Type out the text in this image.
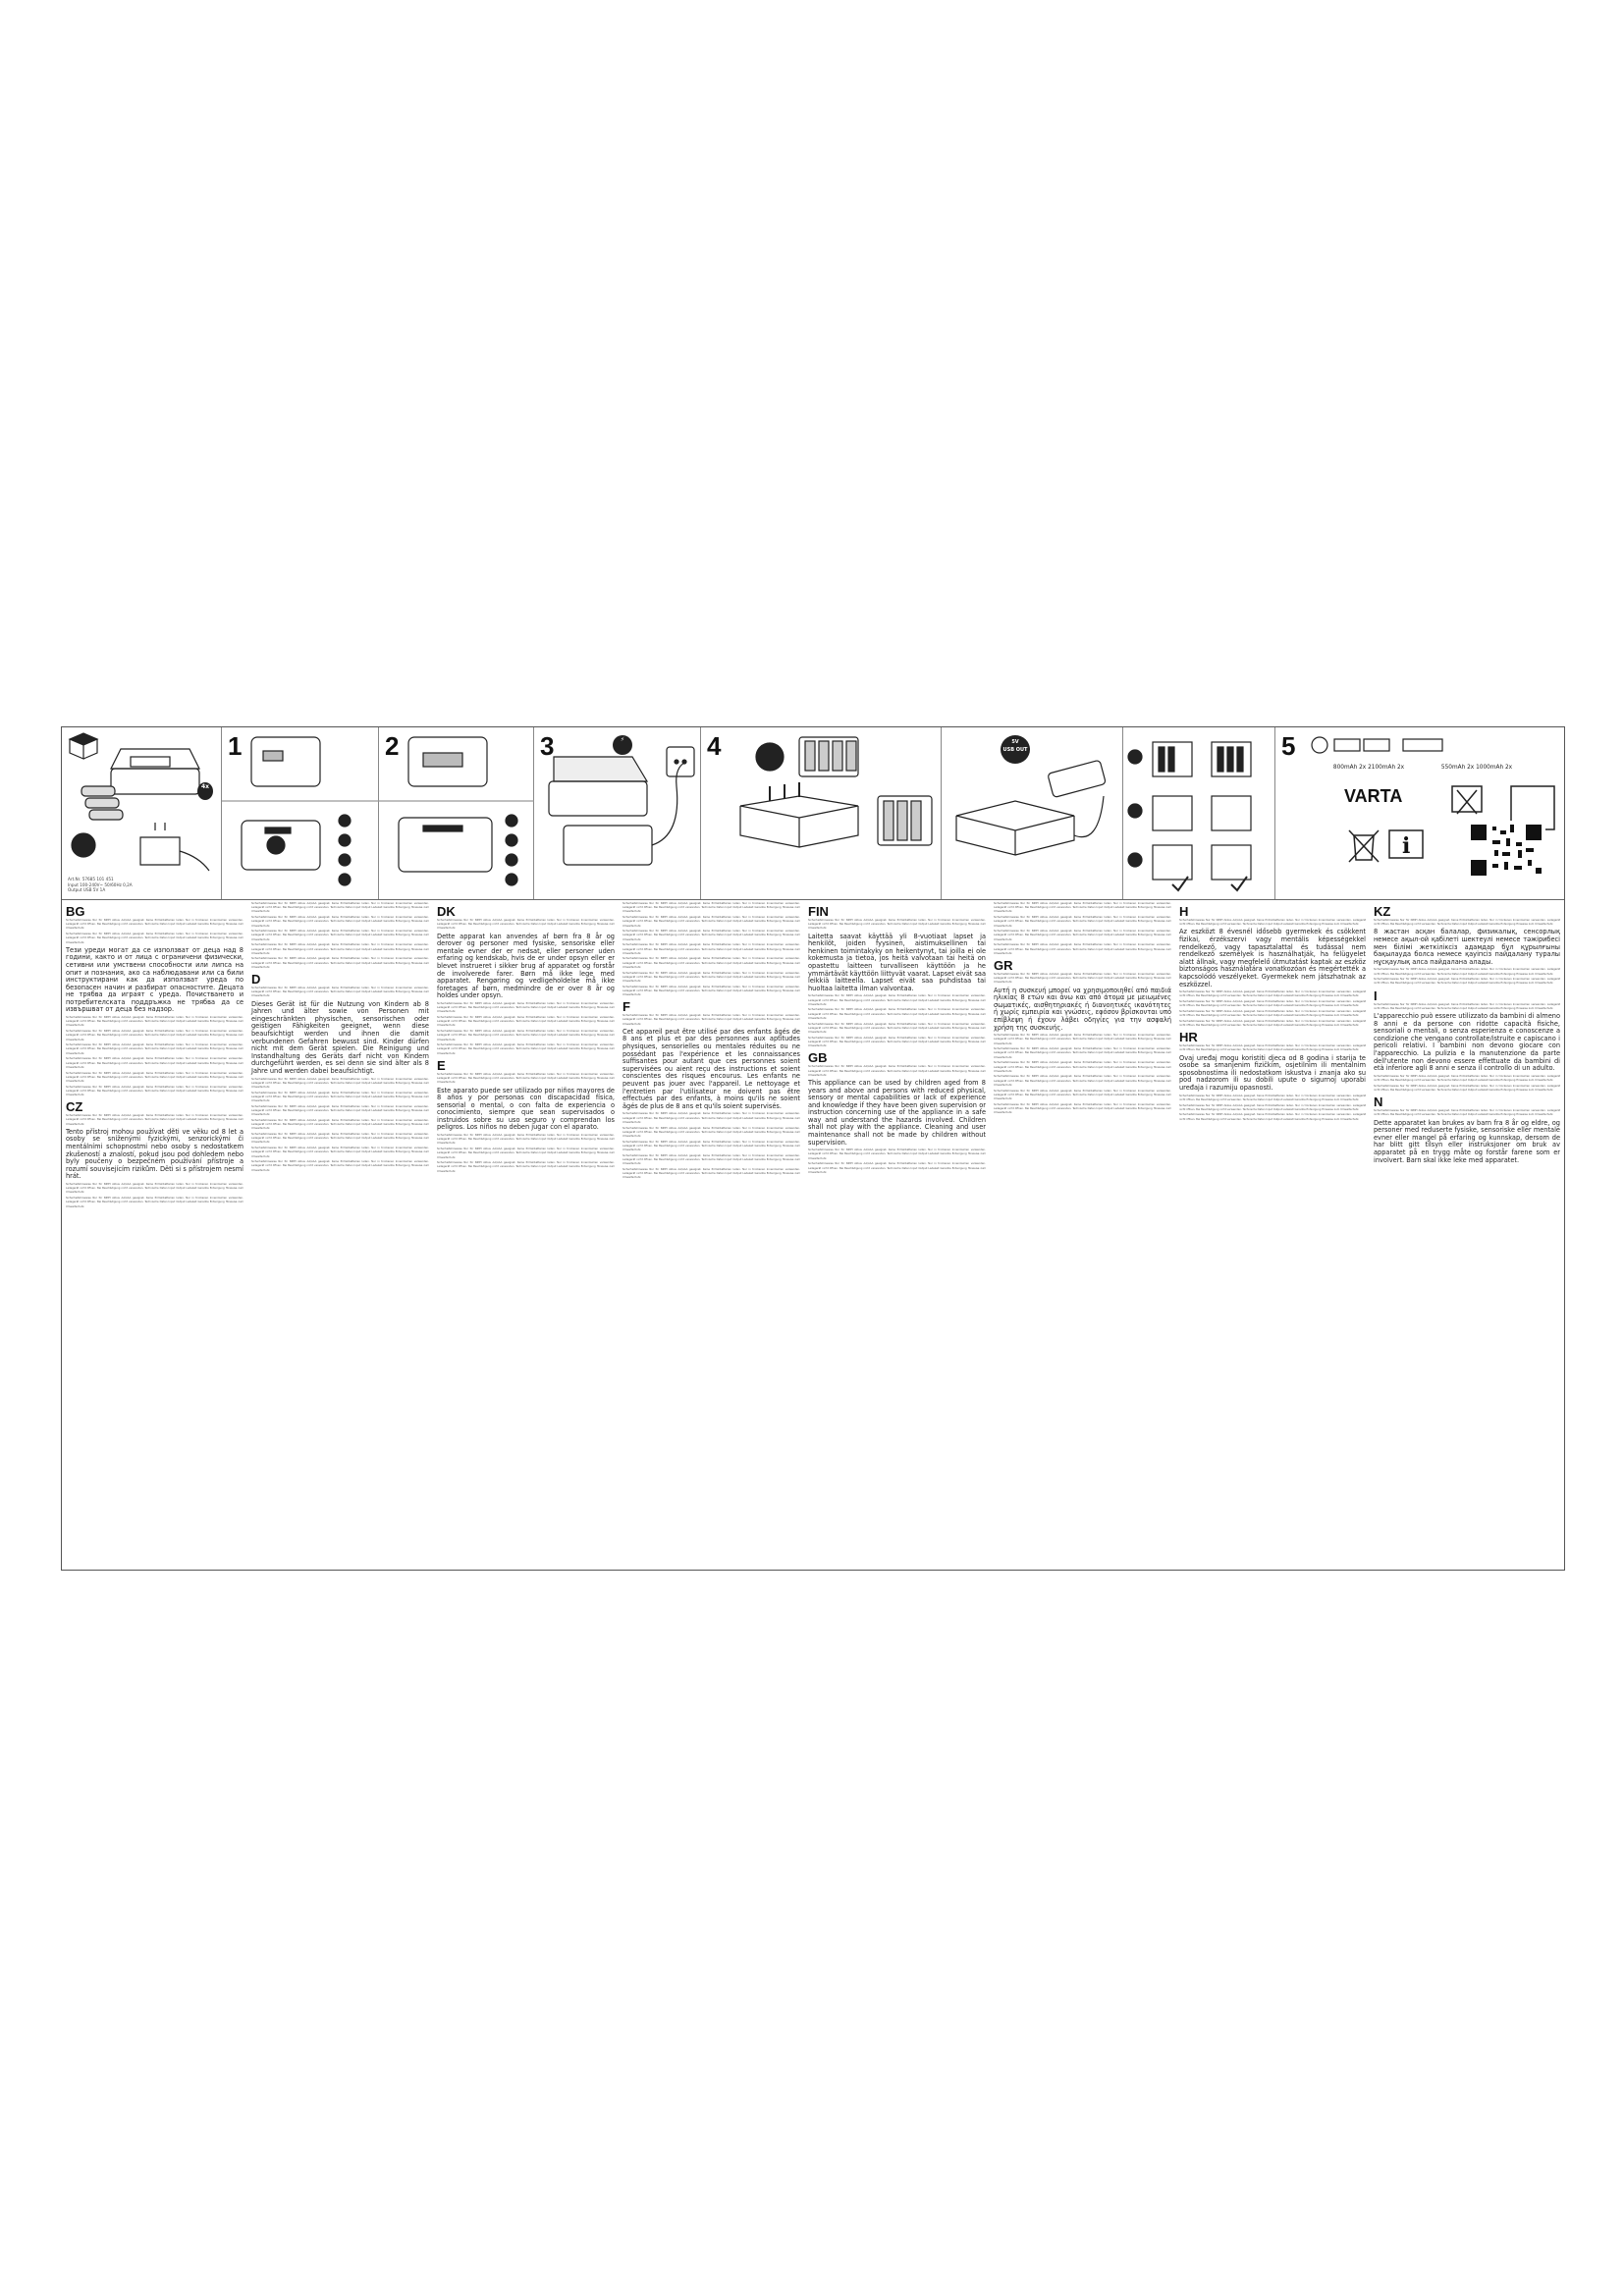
4x
Art.Nr. 57685 101 451
Input 100-240V~ 50/60Hz 0,2A
Output USB 5V 1A
1	2	3	⚡	4	5V
USB OUT	5
800mAh 2x 2100mAh 2x	550mAh 2x 1000mAh 2x
VARTA
i
BG

Sicherheitshinweise Nur für NiMH Akkus AA/AAA geeignet. Keine Primärbatterien laden. Nur in trockenen Innenräumen verwenden. Ladegerät nicht öffnen. Bei Beschädigung nicht verwenden. Technische Daten Input Output Ladezeit Garantie Entsorgung Hinweise zum Umweltschutz.

Sicherheitshinweise Nur für NiMH Akkus AA/AAA geeignet. Keine Primärbatterien laden. Nur in trockenen Innenräumen verwenden. Ladegerät nicht öffnen. Bei Beschädigung nicht verwenden. Technische Daten Input Output Ladezeit Garantie Entsorgung Hinweise zum Umweltschutz.

Тези уреди могат да се използват от деца над 8 години, както и от лица с ограничени физически, сетивни или умствени способности или липса на опит и познания, ако са наблюдавани или са били инструктирани как да използват уреда по безопасен начин и разбират опасностите. Децата не трябва да играят с уреда. Почистването и потребителската поддръжка не трябва да се извършват от деца без надзор.

Sicherheitshinweise Nur für NiMH Akkus AA/AAA geeignet. Keine Primärbatterien laden. Nur in trockenen Innenräumen verwenden. Ladegerät nicht öffnen. Bei Beschädigung nicht verwenden. Technische Daten Input Output Ladezeit Garantie Entsorgung Hinweise zum Umweltschutz.

Sicherheitshinweise Nur für NiMH Akkus AA/AAA geeignet. Keine Primärbatterien laden. Nur in trockenen Innenräumen verwenden. Ladegerät nicht öffnen. Bei Beschädigung nicht verwenden. Technische Daten Input Output Ladezeit Garantie Entsorgung Hinweise zum Umweltschutz.

Sicherheitshinweise Nur für NiMH Akkus AA/AAA geeignet. Keine Primärbatterien laden. Nur in trockenen Innenräumen verwenden. Ladegerät nicht öffnen. Bei Beschädigung nicht verwenden. Technische Daten Input Output Ladezeit Garantie Entsorgung Hinweise zum Umweltschutz.

Sicherheitshinweise Nur für NiMH Akkus AA/AAA geeignet. Keine Primärbatterien laden. Nur in trockenen Innenräumen verwenden. Ladegerät nicht öffnen. Bei Beschädigung nicht verwenden. Technische Daten Input Output Ladezeit Garantie Entsorgung Hinweise zum Umweltschutz.

Sicherheitshinweise Nur für NiMH Akkus AA/AAA geeignet. Keine Primärbatterien laden. Nur in trockenen Innenräumen verwenden. Ladegerät nicht öffnen. Bei Beschädigung nicht verwenden. Technische Daten Input Output Ladezeit Garantie Entsorgung Hinweise zum Umweltschutz.

Sicherheitshinweise Nur für NiMH Akkus AA/AAA geeignet. Keine Primärbatterien laden. Nur in trockenen Innenräumen verwenden. Ladegerät nicht öffnen. Bei Beschädigung nicht verwenden. Technische Daten Input Output Ladezeit Garantie Entsorgung Hinweise zum Umweltschutz.

CZ

Sicherheitshinweise Nur für NiMH Akkus AA/AAA geeignet. Keine Primärbatterien laden. Nur in trockenen Innenräumen verwenden. Ladegerät nicht öffnen. Bei Beschädigung nicht verwenden. Technische Daten Input Output Ladezeit Garantie Entsorgung Hinweise zum Umweltschutz.

Tento přístroj mohou používat děti ve věku od 8 let a osoby se sníženými fyzickými, senzorickými či mentálními schopnostmi nebo osoby s nedostatkem zkušeností a znalostí, pokud jsou pod dohledem nebo byly poučeny o bezpečném používání přístroje a rozumí souvisejícím rizikům. Děti si s přístrojem nesmí hrát.

Sicherheitshinweise Nur für NiMH Akkus AA/AAA geeignet. Keine Primärbatterien laden. Nur in trockenen Innenräumen verwenden. Ladegerät nicht öffnen. Bei Beschädigung nicht verwenden. Technische Daten Input Output Ladezeit Garantie Entsorgung Hinweise zum Umweltschutz.

Sicherheitshinweise Nur für NiMH Akkus AA/AAA geeignet. Keine Primärbatterien laden. Nur in trockenen Innenräumen verwenden. Ladegerät nicht öffnen. Bei Beschädigung nicht verwenden. Technische Daten Input Output Ladezeit Garantie Entsorgung Hinweise zum Umweltschutz.

Sicherheitshinweise Nur für NiMH Akkus AA/AAA geeignet. Keine Primärbatterien laden. Nur in trockenen Innenräumen verwenden. Ladegerät nicht öffnen. Bei Beschädigung nicht verwenden. Technische Daten Input Output Ladezeit Garantie Entsorgung Hinweise zum Umweltschutz.

Sicherheitshinweise Nur für NiMH Akkus AA/AAA geeignet. Keine Primärbatterien laden. Nur in trockenen Innenräumen verwenden. Ladegerät nicht öffnen. Bei Beschädigung nicht verwenden. Technische Daten Input Output Ladezeit Garantie Entsorgung Hinweise zum Umweltschutz.

Sicherheitshinweise Nur für NiMH Akkus AA/AAA geeignet. Keine Primärbatterien laden. Nur in trockenen Innenräumen verwenden. Ladegerät nicht öffnen. Bei Beschädigung nicht verwenden. Technische Daten Input Output Ladezeit Garantie Entsorgung Hinweise zum Umweltschutz.

Sicherheitshinweise Nur für NiMH Akkus AA/AAA geeignet. Keine Primärbatterien laden. Nur in trockenen Innenräumen verwenden. Ladegerät nicht öffnen. Bei Beschädigung nicht verwenden. Technische Daten Input Output Ladezeit Garantie Entsorgung Hinweise zum Umweltschutz.

Sicherheitshinweise Nur für NiMH Akkus AA/AAA geeignet. Keine Primärbatterien laden. Nur in trockenen Innenräumen verwenden. Ladegerät nicht öffnen. Bei Beschädigung nicht verwenden. Technische Daten Input Output Ladezeit Garantie Entsorgung Hinweise zum Umweltschutz.

D

Sicherheitshinweise Nur für NiMH Akkus AA/AAA geeignet. Keine Primärbatterien laden. Nur in trockenen Innenräumen verwenden. Ladegerät nicht öffnen. Bei Beschädigung nicht verwenden. Technische Daten Input Output Ladezeit Garantie Entsorgung Hinweise zum Umweltschutz.

Dieses Gerät ist für die Nutzung von Kindern ab 8 Jahren und älter sowie von Personen mit eingeschränkten physischen, sensorischen oder geistigen Fähigkeiten geeignet, wenn diese beaufsichtigt werden und ihnen die damit verbundenen Gefahren bewusst sind. Kinder dürfen nicht mit dem Gerät spielen. Die Reinigung und Instandhaltung des Geräts darf nicht von Kindern durchgeführt werden, es sei denn sie sind älter als 8 Jahre und werden dabei beaufsichtigt.

Sicherheitshinweise Nur für NiMH Akkus AA/AAA geeignet. Keine Primärbatterien laden. Nur in trockenen Innenräumen verwenden. Ladegerät nicht öffnen. Bei Beschädigung nicht verwenden. Technische Daten Input Output Ladezeit Garantie Entsorgung Hinweise zum Umweltschutz.

Sicherheitshinweise Nur für NiMH Akkus AA/AAA geeignet. Keine Primärbatterien laden. Nur in trockenen Innenräumen verwenden. Ladegerät nicht öffnen. Bei Beschädigung nicht verwenden. Technische Daten Input Output Ladezeit Garantie Entsorgung Hinweise zum Umweltschutz.

Sicherheitshinweise Nur für NiMH Akkus AA/AAA geeignet. Keine Primärbatterien laden. Nur in trockenen Innenräumen verwenden. Ladegerät nicht öffnen. Bei Beschädigung nicht verwenden. Technische Daten Input Output Ladezeit Garantie Entsorgung Hinweise zum Umweltschutz.

Sicherheitshinweise Nur für NiMH Akkus AA/AAA geeignet. Keine Primärbatterien laden. Nur in trockenen Innenräumen verwenden. Ladegerät nicht öffnen. Bei Beschädigung nicht verwenden. Technische Daten Input Output Ladezeit Garantie Entsorgung Hinweise zum Umweltschutz.

Sicherheitshinweise Nur für NiMH Akkus AA/AAA geeignet. Keine Primärbatterien laden. Nur in trockenen Innenräumen verwenden. Ladegerät nicht öffnen. Bei Beschädigung nicht verwenden. Technische Daten Input Output Ladezeit Garantie Entsorgung Hinweise zum Umweltschutz.

Sicherheitshinweise Nur für NiMH Akkus AA/AAA geeignet. Keine Primärbatterien laden. Nur in trockenen Innenräumen verwenden. Ladegerät nicht öffnen. Bei Beschädigung nicht verwenden. Technische Daten Input Output Ladezeit Garantie Entsorgung Hinweise zum Umweltschutz.

Sicherheitshinweise Nur für NiMH Akkus AA/AAA geeignet. Keine Primärbatterien laden. Nur in trockenen Innenräumen verwenden. Ladegerät nicht öffnen. Bei Beschädigung nicht verwenden. Technische Daten Input Output Ladezeit Garantie Entsorgung Hinweise zum Umweltschutz.

DK

Sicherheitshinweise Nur für NiMH Akkus AA/AAA geeignet. Keine Primärbatterien laden. Nur in trockenen Innenräumen verwenden. Ladegerät nicht öffnen. Bei Beschädigung nicht verwenden. Technische Daten Input Output Ladezeit Garantie Entsorgung Hinweise zum Umweltschutz.

Dette apparat kan anvendes af børn fra 8 år og derover og personer med fysiske, sensoriske eller mentale evner der er nedsat, eller personer uden erfaring og kendskab, hvis de er under opsyn eller er blevet instrueret i sikker brug af apparatet og forstår de involverede farer. Børn må ikke lege med apparatet. Rengøring og vedligeholdelse må ikke foretages af børn, medmindre de er over 8 år og holdes under opsyn.

Sicherheitshinweise Nur für NiMH Akkus AA/AAA geeignet. Keine Primärbatterien laden. Nur in trockenen Innenräumen verwenden. Ladegerät nicht öffnen. Bei Beschädigung nicht verwenden. Technische Daten Input Output Ladezeit Garantie Entsorgung Hinweise zum Umweltschutz.

Sicherheitshinweise Nur für NiMH Akkus AA/AAA geeignet. Keine Primärbatterien laden. Nur in trockenen Innenräumen verwenden. Ladegerät nicht öffnen. Bei Beschädigung nicht verwenden. Technische Daten Input Output Ladezeit Garantie Entsorgung Hinweise zum Umweltschutz.

Sicherheitshinweise Nur für NiMH Akkus AA/AAA geeignet. Keine Primärbatterien laden. Nur in trockenen Innenräumen verwenden. Ladegerät nicht öffnen. Bei Beschädigung nicht verwenden. Technische Daten Input Output Ladezeit Garantie Entsorgung Hinweise zum Umweltschutz.

Sicherheitshinweise Nur für NiMH Akkus AA/AAA geeignet. Keine Primärbatterien laden. Nur in trockenen Innenräumen verwenden. Ladegerät nicht öffnen. Bei Beschädigung nicht verwenden. Technische Daten Input Output Ladezeit Garantie Entsorgung Hinweise zum Umweltschutz.

E

Sicherheitshinweise Nur für NiMH Akkus AA/AAA geeignet. Keine Primärbatterien laden. Nur in trockenen Innenräumen verwenden. Ladegerät nicht öffnen. Bei Beschädigung nicht verwenden. Technische Daten Input Output Ladezeit Garantie Entsorgung Hinweise zum Umweltschutz.

Este aparato puede ser utilizado por niños mayores de 8 años y por personas con discapacidad física, sensorial o mental, o con falta de experiencia o conocimiento, siempre que sean supervisados o instruidos sobre su uso seguro y comprendan los peligros. Los niños no deben jugar con el aparato.

Sicherheitshinweise Nur für NiMH Akkus AA/AAA geeignet. Keine Primärbatterien laden. Nur in trockenen Innenräumen verwenden. Ladegerät nicht öffnen. Bei Beschädigung nicht verwenden. Technische Daten Input Output Ladezeit Garantie Entsorgung Hinweise zum Umweltschutz.

Sicherheitshinweise Nur für NiMH Akkus AA/AAA geeignet. Keine Primärbatterien laden. Nur in trockenen Innenräumen verwenden. Ladegerät nicht öffnen. Bei Beschädigung nicht verwenden. Technische Daten Input Output Ladezeit Garantie Entsorgung Hinweise zum Umweltschutz.

Sicherheitshinweise Nur für NiMH Akkus AA/AAA geeignet. Keine Primärbatterien laden. Nur in trockenen Innenräumen verwenden. Ladegerät nicht öffnen. Bei Beschädigung nicht verwenden. Technische Daten Input Output Ladezeit Garantie Entsorgung Hinweise zum Umweltschutz.

Sicherheitshinweise Nur für NiMH Akkus AA/AAA geeignet. Keine Primärbatterien laden. Nur in trockenen Innenräumen verwenden. Ladegerät nicht öffnen. Bei Beschädigung nicht verwenden. Technische Daten Input Output Ladezeit Garantie Entsorgung Hinweise zum Umweltschutz.

Sicherheitshinweise Nur für NiMH Akkus AA/AAA geeignet. Keine Primärbatterien laden. Nur in trockenen Innenräumen verwenden. Ladegerät nicht öffnen. Bei Beschädigung nicht verwenden. Technische Daten Input Output Ladezeit Garantie Entsorgung Hinweise zum Umweltschutz.

Sicherheitshinweise Nur für NiMH Akkus AA/AAA geeignet. Keine Primärbatterien laden. Nur in trockenen Innenräumen verwenden. Ladegerät nicht öffnen. Bei Beschädigung nicht verwenden. Technische Daten Input Output Ladezeit Garantie Entsorgung Hinweise zum Umweltschutz.

Sicherheitshinweise Nur für NiMH Akkus AA/AAA geeignet. Keine Primärbatterien laden. Nur in trockenen Innenräumen verwenden. Ladegerät nicht öffnen. Bei Beschädigung nicht verwenden. Technische Daten Input Output Ladezeit Garantie Entsorgung Hinweise zum Umweltschutz.

Sicherheitshinweise Nur für NiMH Akkus AA/AAA geeignet. Keine Primärbatterien laden. Nur in trockenen Innenräumen verwenden. Ladegerät nicht öffnen. Bei Beschädigung nicht verwenden. Technische Daten Input Output Ladezeit Garantie Entsorgung Hinweise zum Umweltschutz.

Sicherheitshinweise Nur für NiMH Akkus AA/AAA geeignet. Keine Primärbatterien laden. Nur in trockenen Innenräumen verwenden. Ladegerät nicht öffnen. Bei Beschädigung nicht verwenden. Technische Daten Input Output Ladezeit Garantie Entsorgung Hinweise zum Umweltschutz.

Sicherheitshinweise Nur für NiMH Akkus AA/AAA geeignet. Keine Primärbatterien laden. Nur in trockenen Innenräumen verwenden. Ladegerät nicht öffnen. Bei Beschädigung nicht verwenden. Technische Daten Input Output Ladezeit Garantie Entsorgung Hinweise zum Umweltschutz.

F

Sicherheitshinweise Nur für NiMH Akkus AA/AAA geeignet. Keine Primärbatterien laden. Nur in trockenen Innenräumen verwenden. Ladegerät nicht öffnen. Bei Beschädigung nicht verwenden. Technische Daten Input Output Ladezeit Garantie Entsorgung Hinweise zum Umweltschutz.

Cet appareil peut être utilisé par des enfants âgés de 8 ans et plus et par des personnes aux aptitudes physiques, sensorielles ou mentales réduites ou ne possédant pas l'expérience et les connaissances suffisantes pour autant que ces personnes soient supervisées ou aient reçu des instructions et soient conscientes des risques encourus. Les enfants ne peuvent pas jouer avec l'appareil. Le nettoyage et l'entretien par l'utilisateur ne doivent pas être effectués par des enfants, à moins qu'ils ne soient âgés de plus de 8 ans et qu'ils soient supervisés.

Sicherheitshinweise Nur für NiMH Akkus AA/AAA geeignet. Keine Primärbatterien laden. Nur in trockenen Innenräumen verwenden. Ladegerät nicht öffnen. Bei Beschädigung nicht verwenden. Technische Daten Input Output Ladezeit Garantie Entsorgung Hinweise zum Umweltschutz.

Sicherheitshinweise Nur für NiMH Akkus AA/AAA geeignet. Keine Primärbatterien laden. Nur in trockenen Innenräumen verwenden. Ladegerät nicht öffnen. Bei Beschädigung nicht verwenden. Technische Daten Input Output Ladezeit Garantie Entsorgung Hinweise zum Umweltschutz.

Sicherheitshinweise Nur für NiMH Akkus AA/AAA geeignet. Keine Primärbatterien laden. Nur in trockenen Innenräumen verwenden. Ladegerät nicht öffnen. Bei Beschädigung nicht verwenden. Technische Daten Input Output Ladezeit Garantie Entsorgung Hinweise zum Umweltschutz.

Sicherheitshinweise Nur für NiMH Akkus AA/AAA geeignet. Keine Primärbatterien laden. Nur in trockenen Innenräumen verwenden. Ladegerät nicht öffnen. Bei Beschädigung nicht verwenden. Technische Daten Input Output Ladezeit Garantie Entsorgung Hinweise zum Umweltschutz.

Sicherheitshinweise Nur für NiMH Akkus AA/AAA geeignet. Keine Primärbatterien laden. Nur in trockenen Innenräumen verwenden. Ladegerät nicht öffnen. Bei Beschädigung nicht verwenden. Technische Daten Input Output Ladezeit Garantie Entsorgung Hinweise zum Umweltschutz.

FIN

Sicherheitshinweise Nur für NiMH Akkus AA/AAA geeignet. Keine Primärbatterien laden. Nur in trockenen Innenräumen verwenden. Ladegerät nicht öffnen. Bei Beschädigung nicht verwenden. Technische Daten Input Output Ladezeit Garantie Entsorgung Hinweise zum Umweltschutz.

Laitetta saavat käyttää yli 8-vuotiaat lapset ja henkilöt, joiden fyysinen, aistimuksellinen tai henkinen toimintakyky on heikentynyt, tai joilla ei ole kokemusta ja tietoa, jos heitä valvotaan tai heitä on opastettu laitteen turvalliseen käyttöön ja he ymmärtävät käyttöön liittyvät vaarat. Lapset eivät saa leikkiä laitteella. Lapset eivät saa puhdistaa tai huoltaa laitetta ilman valvontaa.

Sicherheitshinweise Nur für NiMH Akkus AA/AAA geeignet. Keine Primärbatterien laden. Nur in trockenen Innenräumen verwenden. Ladegerät nicht öffnen. Bei Beschädigung nicht verwenden. Technische Daten Input Output Ladezeit Garantie Entsorgung Hinweise zum Umweltschutz.

Sicherheitshinweise Nur für NiMH Akkus AA/AAA geeignet. Keine Primärbatterien laden. Nur in trockenen Innenräumen verwenden. Ladegerät nicht öffnen. Bei Beschädigung nicht verwenden. Technische Daten Input Output Ladezeit Garantie Entsorgung Hinweise zum Umweltschutz.

Sicherheitshinweise Nur für NiMH Akkus AA/AAA geeignet. Keine Primärbatterien laden. Nur in trockenen Innenräumen verwenden. Ladegerät nicht öffnen. Bei Beschädigung nicht verwenden. Technische Daten Input Output Ladezeit Garantie Entsorgung Hinweise zum Umweltschutz.

Sicherheitshinweise Nur für NiMH Akkus AA/AAA geeignet. Keine Primärbatterien laden. Nur in trockenen Innenräumen verwenden. Ladegerät nicht öffnen. Bei Beschädigung nicht verwenden. Technische Daten Input Output Ladezeit Garantie Entsorgung Hinweise zum Umweltschutz.

GB

Sicherheitshinweise Nur für NiMH Akkus AA/AAA geeignet. Keine Primärbatterien laden. Nur in trockenen Innenräumen verwenden. Ladegerät nicht öffnen. Bei Beschädigung nicht verwenden. Technische Daten Input Output Ladezeit Garantie Entsorgung Hinweise zum Umweltschutz.

This appliance can be used by children aged from 8 years and above and persons with reduced physical, sensory or mental capabilities or lack of experience and knowledge if they have been given supervision or instruction concerning use of the appliance in a safe way and understand the hazards involved. Children shall not play with the appliance. Cleaning and user maintenance shall not be made by children without supervision.

Sicherheitshinweise Nur für NiMH Akkus AA/AAA geeignet. Keine Primärbatterien laden. Nur in trockenen Innenräumen verwenden. Ladegerät nicht öffnen. Bei Beschädigung nicht verwenden. Technische Daten Input Output Ladezeit Garantie Entsorgung Hinweise zum Umweltschutz.

Sicherheitshinweise Nur für NiMH Akkus AA/AAA geeignet. Keine Primärbatterien laden. Nur in trockenen Innenräumen verwenden. Ladegerät nicht öffnen. Bei Beschädigung nicht verwenden. Technische Daten Input Output Ladezeit Garantie Entsorgung Hinweise zum Umweltschutz.

Sicherheitshinweise Nur für NiMH Akkus AA/AAA geeignet. Keine Primärbatterien laden. Nur in trockenen Innenräumen verwenden. Ladegerät nicht öffnen. Bei Beschädigung nicht verwenden. Technische Daten Input Output Ladezeit Garantie Entsorgung Hinweise zum Umweltschutz.

Sicherheitshinweise Nur für NiMH Akkus AA/AAA geeignet. Keine Primärbatterien laden. Nur in trockenen Innenräumen verwenden. Ladegerät nicht öffnen. Bei Beschädigung nicht verwenden. Technische Daten Input Output Ladezeit Garantie Entsorgung Hinweise zum Umweltschutz.

Sicherheitshinweise Nur für NiMH Akkus AA/AAA geeignet. Keine Primärbatterien laden. Nur in trockenen Innenräumen verwenden. Ladegerät nicht öffnen. Bei Beschädigung nicht verwenden. Technische Daten Input Output Ladezeit Garantie Entsorgung Hinweise zum Umweltschutz.

Sicherheitshinweise Nur für NiMH Akkus AA/AAA geeignet. Keine Primärbatterien laden. Nur in trockenen Innenräumen verwenden. Ladegerät nicht öffnen. Bei Beschädigung nicht verwenden. Technische Daten Input Output Ladezeit Garantie Entsorgung Hinweise zum Umweltschutz.

GR

Sicherheitshinweise Nur für NiMH Akkus AA/AAA geeignet. Keine Primärbatterien laden. Nur in trockenen Innenräumen verwenden. Ladegerät nicht öffnen. Bei Beschädigung nicht verwenden. Technische Daten Input Output Ladezeit Garantie Entsorgung Hinweise zum Umweltschutz.

Αυτή η συσκευή μπορεί να χρησιμοποιηθεί από παιδιά ηλικίας 8 ετών και άνω και από άτομα με μειωμένες σωματικές, αισθητηριακές ή διανοητικές ικανότητες ή χωρίς εμπειρία και γνώσεις, εφόσον βρίσκονται υπό επίβλεψη ή έχουν λάβει οδηγίες για την ασφαλή χρήση της συσκευής.

Sicherheitshinweise Nur für NiMH Akkus AA/AAA geeignet. Keine Primärbatterien laden. Nur in trockenen Innenräumen verwenden. Ladegerät nicht öffnen. Bei Beschädigung nicht verwenden. Technische Daten Input Output Ladezeit Garantie Entsorgung Hinweise zum Umweltschutz.

Sicherheitshinweise Nur für NiMH Akkus AA/AAA geeignet. Keine Primärbatterien laden. Nur in trockenen Innenräumen verwenden. Ladegerät nicht öffnen. Bei Beschädigung nicht verwenden. Technische Daten Input Output Ladezeit Garantie Entsorgung Hinweise zum Umweltschutz.

Sicherheitshinweise Nur für NiMH Akkus AA/AAA geeignet. Keine Primärbatterien laden. Nur in trockenen Innenräumen verwenden. Ladegerät nicht öffnen. Bei Beschädigung nicht verwenden. Technische Daten Input Output Ladezeit Garantie Entsorgung Hinweise zum Umweltschutz.

Sicherheitshinweise Nur für NiMH Akkus AA/AAA geeignet. Keine Primärbatterien laden. Nur in trockenen Innenräumen verwenden. Ladegerät nicht öffnen. Bei Beschädigung nicht verwenden. Technische Daten Input Output Ladezeit Garantie Entsorgung Hinweise zum Umweltschutz.

Sicherheitshinweise Nur für NiMH Akkus AA/AAA geeignet. Keine Primärbatterien laden. Nur in trockenen Innenräumen verwenden. Ladegerät nicht öffnen. Bei Beschädigung nicht verwenden. Technische Daten Input Output Ladezeit Garantie Entsorgung Hinweise zum Umweltschutz.

Sicherheitshinweise Nur für NiMH Akkus AA/AAA geeignet. Keine Primärbatterien laden. Nur in trockenen Innenräumen verwenden. Ladegerät nicht öffnen. Bei Beschädigung nicht verwenden. Technische Daten Input Output Ladezeit Garantie Entsorgung Hinweise zum Umweltschutz.

H

Sicherheitshinweise Nur für NiMH Akkus AA/AAA geeignet. Keine Primärbatterien laden. Nur in trockenen Innenräumen verwenden. Ladegerät nicht öffnen. Bei Beschädigung nicht verwenden. Technische Daten Input Output Ladezeit Garantie Entsorgung Hinweise zum Umweltschutz.

Az eszközt 8 évesnél idősebb gyermekek és csökkent fizikai, érzékszervi vagy mentális képességekkel rendelkező, vagy tapasztalattal és tudással nem rendelkező személyek is használhatják, ha felügyelet alatt állnak, vagy megfelelő útmutatást kaptak az eszköz biztonságos használatára vonatkozóan és megértették a kapcsolódó veszélyeket. Gyermekek nem játszhatnak az eszközzel.

Sicherheitshinweise Nur für NiMH Akkus AA/AAA geeignet. Keine Primärbatterien laden. Nur in trockenen Innenräumen verwenden. Ladegerät nicht öffnen. Bei Beschädigung nicht verwenden. Technische Daten Input Output Ladezeit Garantie Entsorgung Hinweise zum Umweltschutz.

Sicherheitshinweise Nur für NiMH Akkus AA/AAA geeignet. Keine Primärbatterien laden. Nur in trockenen Innenräumen verwenden. Ladegerät nicht öffnen. Bei Beschädigung nicht verwenden. Technische Daten Input Output Ladezeit Garantie Entsorgung Hinweise zum Umweltschutz.

Sicherheitshinweise Nur für NiMH Akkus AA/AAA geeignet. Keine Primärbatterien laden. Nur in trockenen Innenräumen verwenden. Ladegerät nicht öffnen. Bei Beschädigung nicht verwenden. Technische Daten Input Output Ladezeit Garantie Entsorgung Hinweise zum Umweltschutz.

Sicherheitshinweise Nur für NiMH Akkus AA/AAA geeignet. Keine Primärbatterien laden. Nur in trockenen Innenräumen verwenden. Ladegerät nicht öffnen. Bei Beschädigung nicht verwenden. Technische Daten Input Output Ladezeit Garantie Entsorgung Hinweise zum Umweltschutz.

HR

Sicherheitshinweise Nur für NiMH Akkus AA/AAA geeignet. Keine Primärbatterien laden. Nur in trockenen Innenräumen verwenden. Ladegerät nicht öffnen. Bei Beschädigung nicht verwenden. Technische Daten Input Output Ladezeit Garantie Entsorgung Hinweise zum Umweltschutz.

Ovaj uređaj mogu koristiti djeca od 8 godina i starija te osobe sa smanjenim fizičkim, osjetilnim ili mentalnim sposobnostima ili nedostatkom iskustva i znanja ako su pod nadzorom ili su dobili upute o sigurnoj uporabi uređaja i razumiju opasnosti.

Sicherheitshinweise Nur für NiMH Akkus AA/AAA geeignet. Keine Primärbatterien laden. Nur in trockenen Innenräumen verwenden. Ladegerät nicht öffnen. Bei Beschädigung nicht verwenden. Technische Daten Input Output Ladezeit Garantie Entsorgung Hinweise zum Umweltschutz.

Sicherheitshinweise Nur für NiMH Akkus AA/AAA geeignet. Keine Primärbatterien laden. Nur in trockenen Innenräumen verwenden. Ladegerät nicht öffnen. Bei Beschädigung nicht verwenden. Technische Daten Input Output Ladezeit Garantie Entsorgung Hinweise zum Umweltschutz.

Sicherheitshinweise Nur für NiMH Akkus AA/AAA geeignet. Keine Primärbatterien laden. Nur in trockenen Innenräumen verwenden. Ladegerät nicht öffnen. Bei Beschädigung nicht verwenden. Technische Daten Input Output Ladezeit Garantie Entsorgung Hinweise zum Umweltschutz.

KZ

Sicherheitshinweise Nur für NiMH Akkus AA/AAA geeignet. Keine Primärbatterien laden. Nur in trockenen Innenräumen verwenden. Ladegerät nicht öffnen. Bei Beschädigung nicht verwenden. Technische Daten Input Output Ladezeit Garantie Entsorgung Hinweise zum Umweltschutz.

8 жастан асқан балалар, физикалық, сенсорлық немесе ақыл-ой қабілеті шектеулі немесе тәжірибесі мен білімі жеткіліксіз адамдар бұл құрылғыны бақылауда болса немесе қауіпсіз пайдалану туралы нұсқаулық алса пайдалана алады.

Sicherheitshinweise Nur für NiMH Akkus AA/AAA geeignet. Keine Primärbatterien laden. Nur in trockenen Innenräumen verwenden. Ladegerät nicht öffnen. Bei Beschädigung nicht verwenden. Technische Daten Input Output Ladezeit Garantie Entsorgung Hinweise zum Umweltschutz.

Sicherheitshinweise Nur für NiMH Akkus AA/AAA geeignet. Keine Primärbatterien laden. Nur in trockenen Innenräumen verwenden. Ladegerät nicht öffnen. Bei Beschädigung nicht verwenden. Technische Daten Input Output Ladezeit Garantie Entsorgung Hinweise zum Umweltschutz.

I

Sicherheitshinweise Nur für NiMH Akkus AA/AAA geeignet. Keine Primärbatterien laden. Nur in trockenen Innenräumen verwenden. Ladegerät nicht öffnen. Bei Beschädigung nicht verwenden. Technische Daten Input Output Ladezeit Garantie Entsorgung Hinweise zum Umweltschutz.

L'apparecchio può essere utilizzato da bambini di almeno 8 anni e da persone con ridotte capacità fisiche, sensoriali o mentali, o senza esperienza e conoscenze a condizione che vengano controllate/istruite e capiscano i pericoli relativi. I bambini non devono giocare con l'apparecchio. La pulizia e la manutenzione da parte dell'utente non devono essere effettuate da bambini di età inferiore agli 8 anni e senza il controllo di un adulto.

Sicherheitshinweise Nur für NiMH Akkus AA/AAA geeignet. Keine Primärbatterien laden. Nur in trockenen Innenräumen verwenden. Ladegerät nicht öffnen. Bei Beschädigung nicht verwenden. Technische Daten Input Output Ladezeit Garantie Entsorgung Hinweise zum Umweltschutz.

Sicherheitshinweise Nur für NiMH Akkus AA/AAA geeignet. Keine Primärbatterien laden. Nur in trockenen Innenräumen verwenden. Ladegerät nicht öffnen. Bei Beschädigung nicht verwenden. Technische Daten Input Output Ladezeit Garantie Entsorgung Hinweise zum Umweltschutz.

N

Sicherheitshinweise Nur für NiMH Akkus AA/AAA geeignet. Keine Primärbatterien laden. Nur in trockenen Innenräumen verwenden. Ladegerät nicht öffnen. Bei Beschädigung nicht verwenden. Technische Daten Input Output Ladezeit Garantie Entsorgung Hinweise zum Umweltschutz.

Dette apparatet kan brukes av barn fra 8 år og eldre, og personer med reduserte fysiske, sensoriske eller mentale evner eller mangel på erfaring og kunnskap, dersom de har blitt gitt tilsyn eller instruksjoner om bruk av apparatet på en trygg måte og forstår farene som er involvert. Barn skal ikke leke med apparatet.
